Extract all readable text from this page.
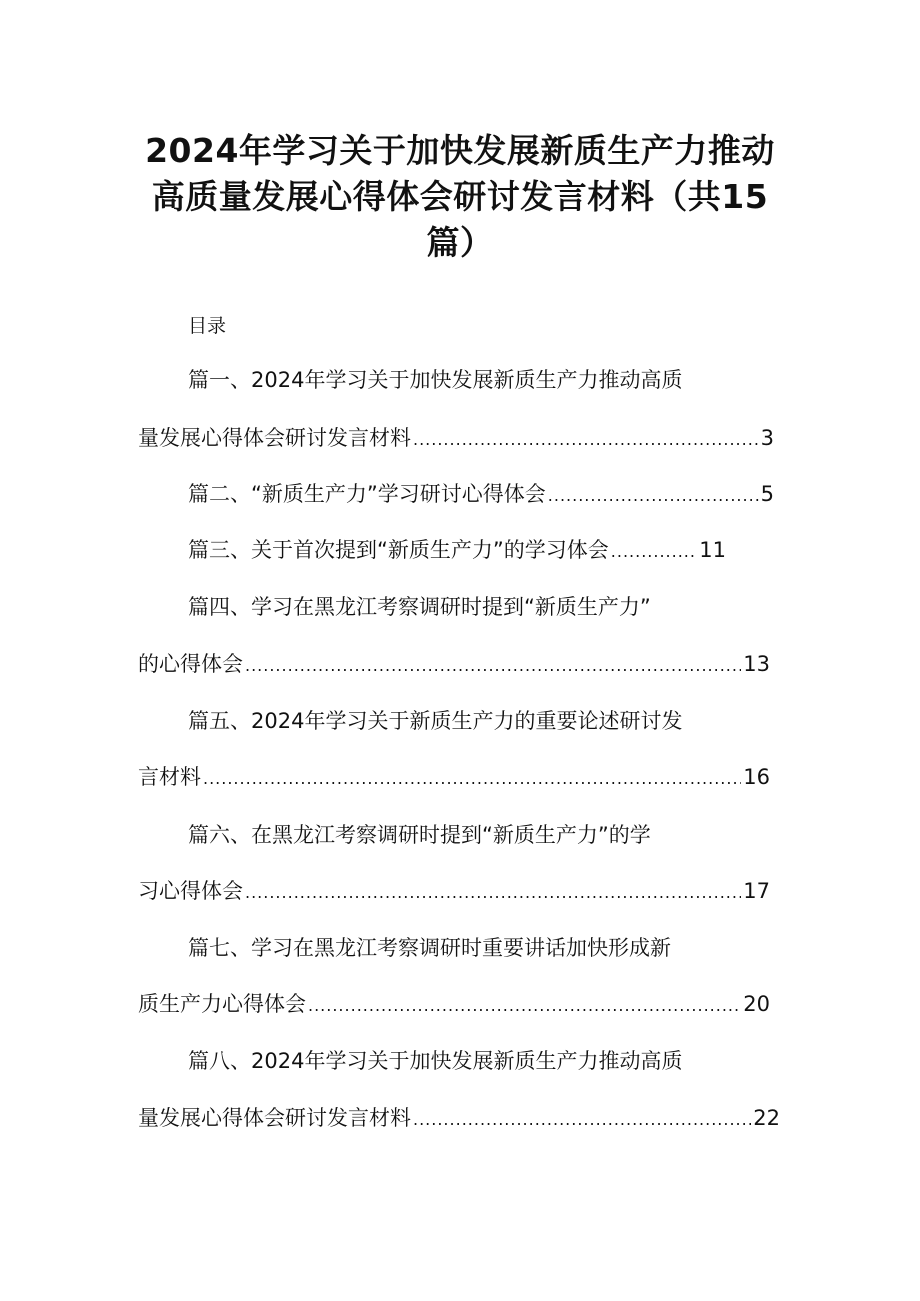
2024年学习关于加快发展新质生产力推动高质量发展心得体会研讨发言材料（共15篇）
目录
篇一、2024年学习关于加快发展新质生产力推动高质
量发展心得体会研讨发言材料 .....	3
篇二、“新质生产力”学习研讨心得体会 .....	5
篇三、关于首次提到“新质生产力”的学习体会 .....	11
篇四、学习在黑龙江考察调研时提到“新质生产力”
的心得体会 .....	13
篇五、2024年学习关于新质生产力的重要论述研讨发
言材料 .....	16
篇六、在黑龙江考察调研时提到“新质生产力”的学
习心得体会 .....	17
篇七、学习在黑龙江考察调研时重要讲话加快形成新
质生产力心得体会 .....	20
篇八、2024年学习关于加快发展新质生产力推动高质
量发展心得体会研讨发言材料 .....	22
